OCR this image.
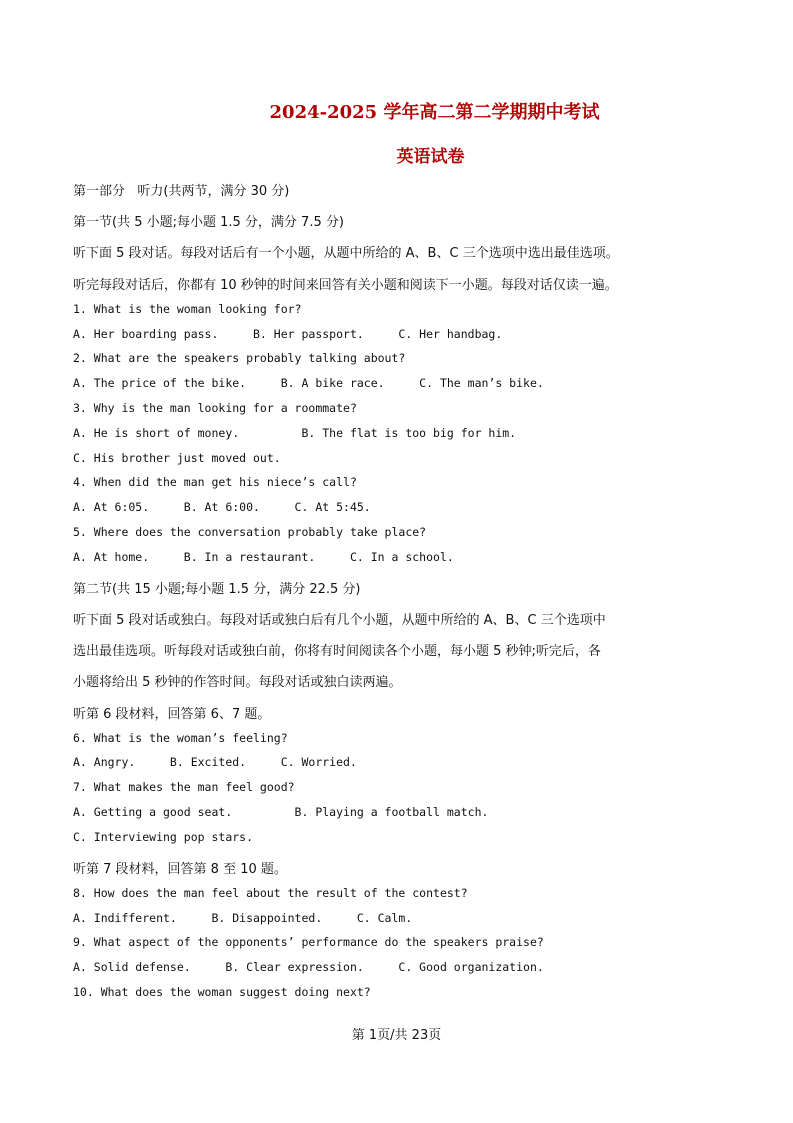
2024-2025 学年高二第二学期期中考试
英语试卷
第一部分   听力(共两节，满分 30 分)
第一节(共 5 小题;每小题 1.5 分，满分 7.5 分)
听下面 5 段对话。每段对话后有一个小题，从题中所给的 A、B、C 三个选项中选出最佳选项。
听完每段对话后，你都有 10 秒钟的时间来回答有关小题和阅读下一小题。每段对话仅读一遍。
1. What is the woman looking for?
A. Her boarding pass.     B. Her passport.     C. Her handbag.
2. What are the speakers probably talking about?
A. The price of the bike.     B. A bike race.     C. The man’s bike.
3. Why is the man looking for a roommate?
A. He is short of money.         B. The flat is too big for him.
C. His brother just moved out.
4. When did the man get his niece’s call?
A. At 6:05.     B. At 6:00.     C. At 5:45.
5. Where does the conversation probably take place?
A. At home.     B. In a restaurant.     C. In a school.
第二节(共 15 小题;每小题 1.5 分，满分 22.5 分)
听下面 5 段对话或独白。每段对话或独白后有几个小题，从题中所给的 A、B、C 三个选项中
选出最佳选项。听每段对话或独白前，你将有时间阅读各个小题，每小题 5 秒钟;听完后，各
小题将给出 5 秒钟的作答时间。每段对话或独白读两遍。
听第 6 段材料，回答第 6、7 题。
6. What is the woman’s feeling?
A. Angry.     B. Excited.     C. Worried.
7. What makes the man feel good?
A. Getting a good seat.         B. Playing a football match.
C. Interviewing pop stars.
听第 7 段材料，回答第 8 至 10 题。
8. How does the man feel about the result of the contest?
A. Indifferent.     B. Disappointed.     C. Calm.
9. What aspect of the opponents’ performance do the speakers praise?
A. Solid defense.     B. Clear expression.     C. Good organization.
10. What does the woman suggest doing next?
第 1页/共 23页
